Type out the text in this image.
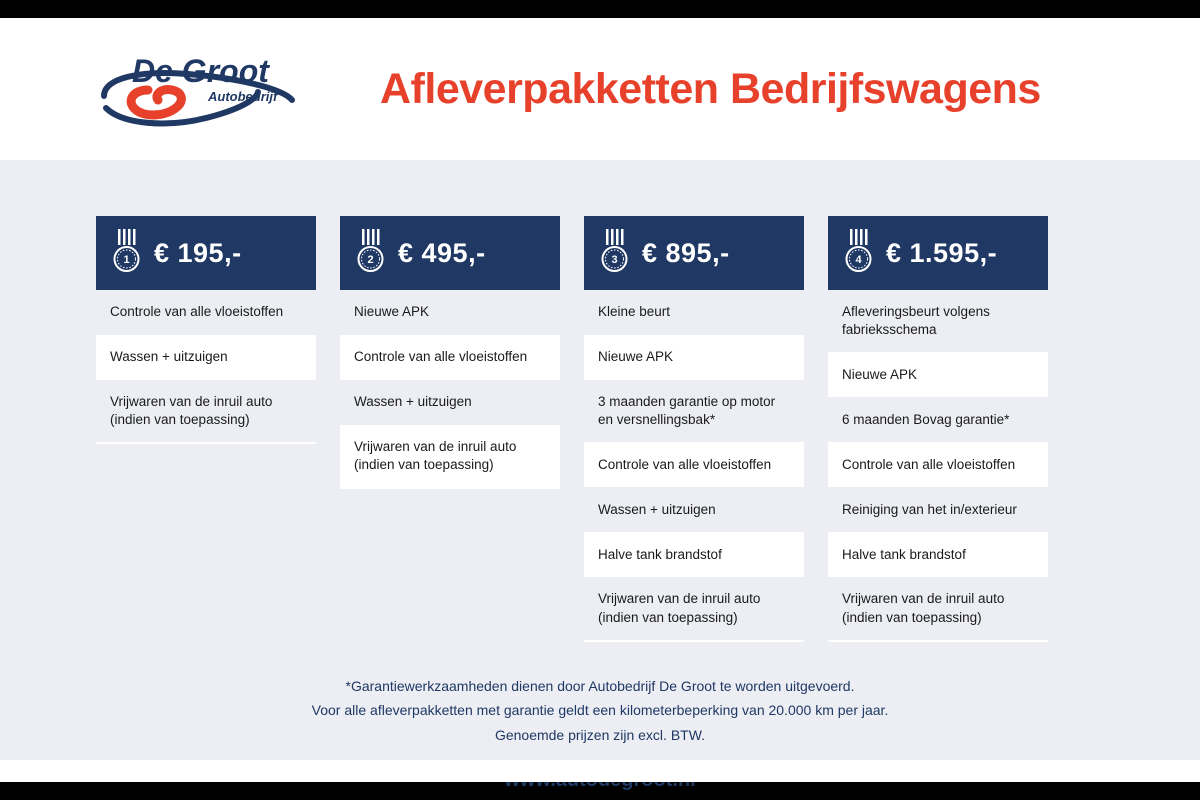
De Groot
Autobedrijf Afleverpakketten Bedrijfswagens
1 € 195,-
Controle van alle vloeistoffen
Wassen + uitzuigen
Vrijwaren van de inruil auto (indien van toepassing)
2 € 495,-
Nieuwe APK
Controle van alle vloeistoffen
Wassen + uitzuigen
Vrijwaren van de inruil auto (indien van toepassing)
3 € 895,-
Kleine beurt
Nieuwe APK
3 maanden garantie op motor en versnellingsbak*
Controle van alle vloeistoffen
Wassen + uitzuigen
Halve tank brandstof
Vrijwaren van de inruil auto (indien van toepassing)
4 € 1.595,-
Afleveringsbeurt volgens fabrieksschema
Nieuwe APK
6 maanden Bovag garantie*
Controle van alle vloeistoffen
Reiniging van het in/exterieur
Halve tank brandstof
Vrijwaren van de inruil auto (indien van toepassing)
*Garantiewerkzaamheden dienen door Autobedrijf De Groot te worden uitgevoerd.
Voor alle afleverpakketten met garantie geldt een kilometerbeperking van 20.000 km per jaar.
Genoemde prijzen zijn excl. BTW.
